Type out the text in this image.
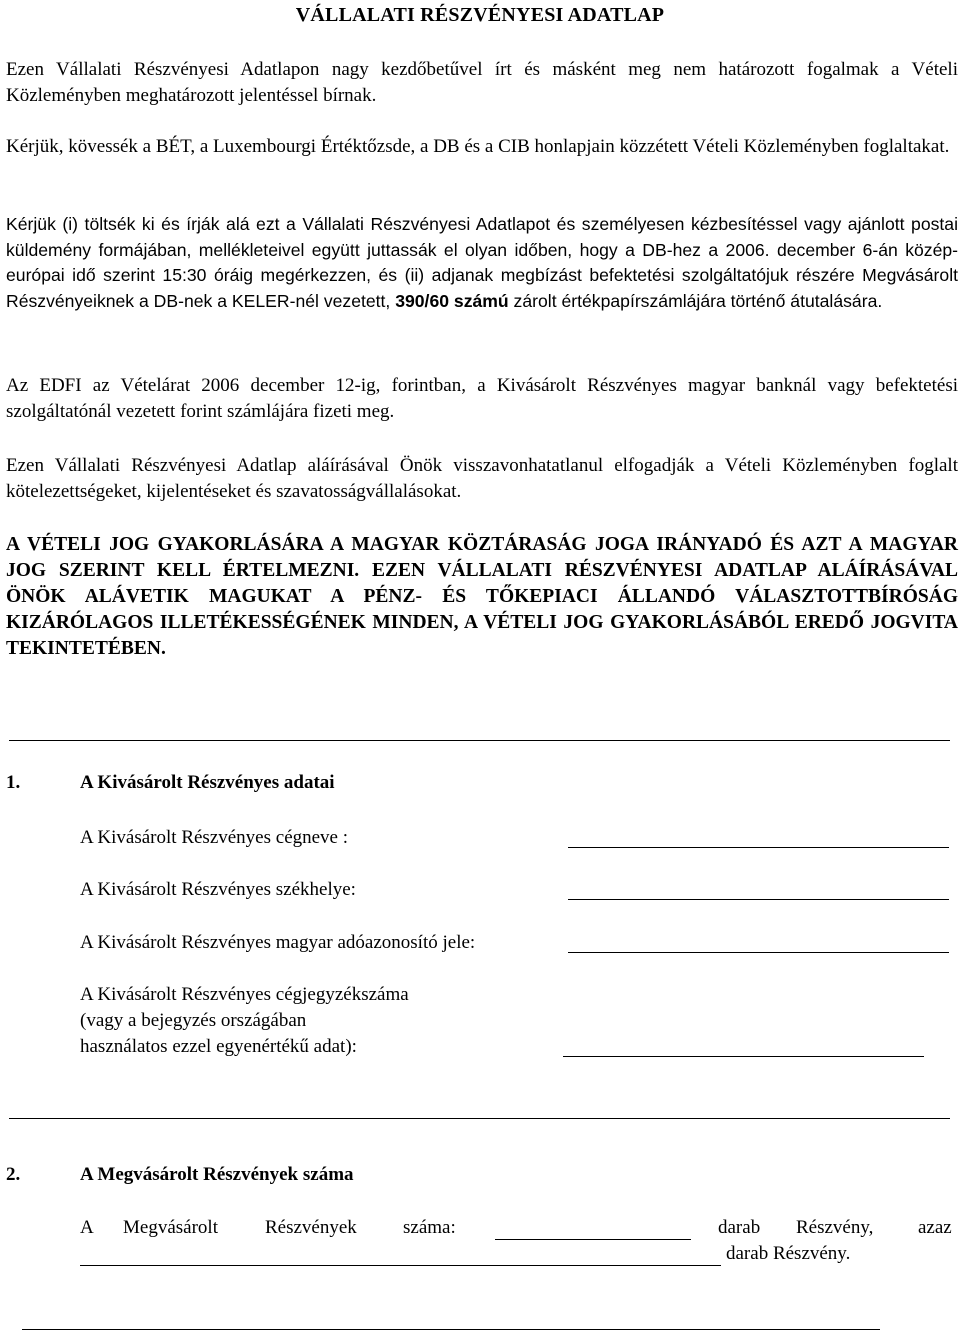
VÁLLALATI RÉSZVÉNYESI ADATLAP

Ezen Vállalati Részvényesi Adatlapon nagy kezdőbetűvel írt és másként meg nem határozott fogalmak a Vételi Közleményben meghatározott jelentéssel bírnak.

Kérjük, kövessék a BÉT, a Luxembourgi Értéktőzsde, a DB és a CIB honlapjain közzétett Vételi Közleményben foglaltakat.

Kérjük (i) töltsék ki és írják alá ezt a Vállalati Részvényesi Adatlapot és személyesen kézbesítéssel vagy ajánlott postai küldemény formájában, mellékleteivel együtt juttassák el olyan időben, hogy a DB-hez a 2006. december 6-án közép-európai idő szerint 15:30 óráig megérkezzen, és (ii) adjanak megbízást befektetési szolgáltatójuk részére Megvásárolt Részvényeiknek a DB-nek a KELER-nél vezetett, 390/60 számú zárolt értékpapírszámlájára történő átutalására.

Az EDFI az Vételárat 2006 december 12-ig, forintban, a Kivásárolt Részvényes magyar banknál vagy befektetési szolgáltatónál vezetett forint számlájára fizeti meg.

Ezen Vállalati Részvényesi Adatlap aláírásával Önök visszavonhatatlanul elfogadják a Vételi Közleményben foglalt kötelezettségeket, kijelentéseket és szavatosságvállalásokat.

A VÉTELI JOG GYAKORLÁSÁRA A MAGYAR KÖZTÁRASÁG JOGA IRÁNYADÓ ÉS AZT A MAGYAR JOG SZERINT KELL ÉRTELMEZNI. EZEN VÁLLALATI RÉSZVÉNYESI ADATLAP ALÁÍRÁSÁVAL ÖNÖK ALÁVETIK MAGUKAT A PÉNZ- ÉS TŐKEPIACI ÁLLANDÓ VÁLASZTOTTBÍRÓSÁG KIZÁRÓLAGOS ILLETÉKESSÉGÉNEK MINDEN, A VÉTELI JOG GYAKORLÁSÁBÓL EREDŐ JOGVITA TEKINTETÉBEN.

1.	A Kivásárolt Részvényes adatai
A Kivásárolt Részvényes cégneve :
A Kivásárolt Részvényes székhelye:
A Kivásárolt Részvényes magyar adóazonosító jele:
A Kivásárolt Részvényes cégjegyzékszáma
(vagy a bejegyzés országában
használatos ezzel egyenértékű adat):
2.	A Megvásárolt Részvények száma
A Megvásárolt Részvények száma:	darab Részvény, azaz
darab Részvény.
